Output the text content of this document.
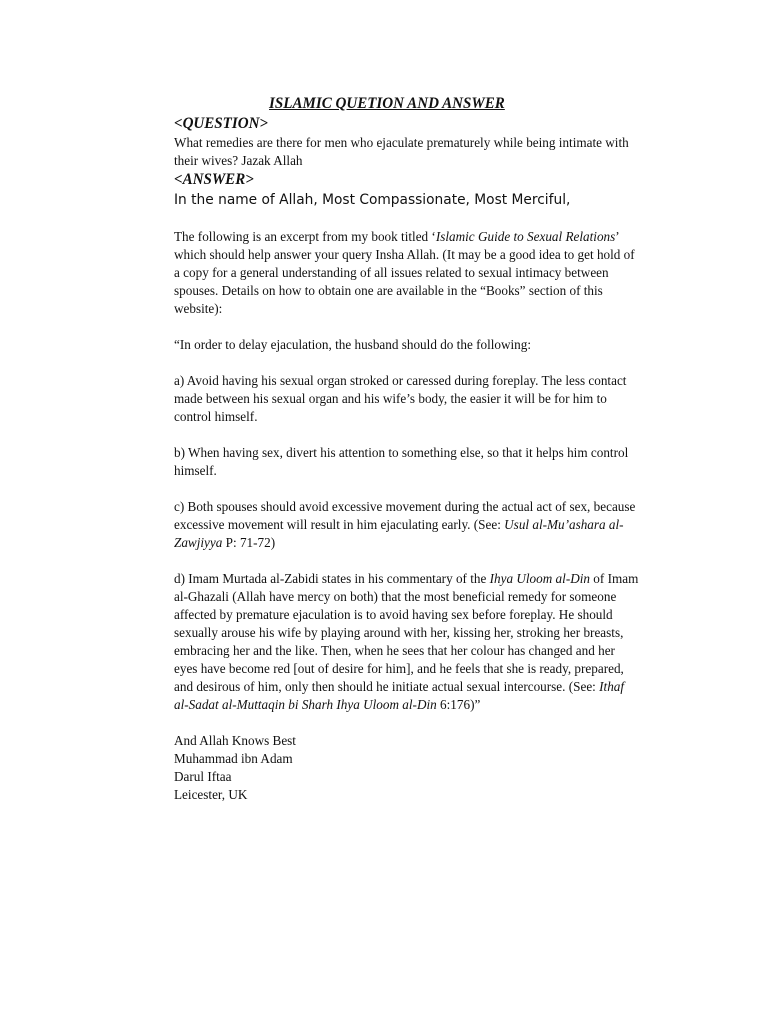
ISLAMIC QUETION AND ANSWER

<QUESTION>

What remedies are there for men who ejaculate prematurely while being intimate with their wives? Jazak Allah

<ANSWER>

In the name of Allah, Most Compassionate, Most Merciful,

The following is an excerpt from my book titled ‘Islamic Guide to Sexual Relations’ which should help answer your query Insha Allah. (It may be a good idea to get hold of a copy for a general understanding of all issues related to sexual intimacy between spouses. Details on how to obtain one are available in the “Books” section of this website):

“In order to delay ejaculation, the husband should do the following:

a) Avoid having his sexual organ stroked or caressed during foreplay. The less contact made between his sexual organ and his wife’s body, the easier it will be for him to control himself.

b) When having sex, divert his attention to something else, so that it helps him control himself.

c) Both spouses should avoid excessive movement during the actual act of sex, because excessive movement will result in him ejaculating early. (See: Usul al-Mu’ashara al-Zawjiyya P: 71-72)

d) Imam Murtada al-Zabidi states in his commentary of the Ihya Uloom al-Din of Imam al-Ghazali (Allah have mercy on both) that the most beneficial remedy for someone affected by premature ejaculation is to avoid having sex before foreplay. He should sexually arouse his wife by playing around with her, kissing her, stroking her breasts, embracing her and the like. Then, when he sees that her colour has changed and her eyes have become red [out of desire for him], and he feels that she is ready, prepared, and desirous of him, only then should he initiate actual sexual intercourse. (See: Ithaf al-Sadat al-Muttaqin bi Sharh Ihya Uloom al-Din 6:176)”

And Allah Knows Best
Muhammad ibn Adam
Darul Iftaa
Leicester, UK
